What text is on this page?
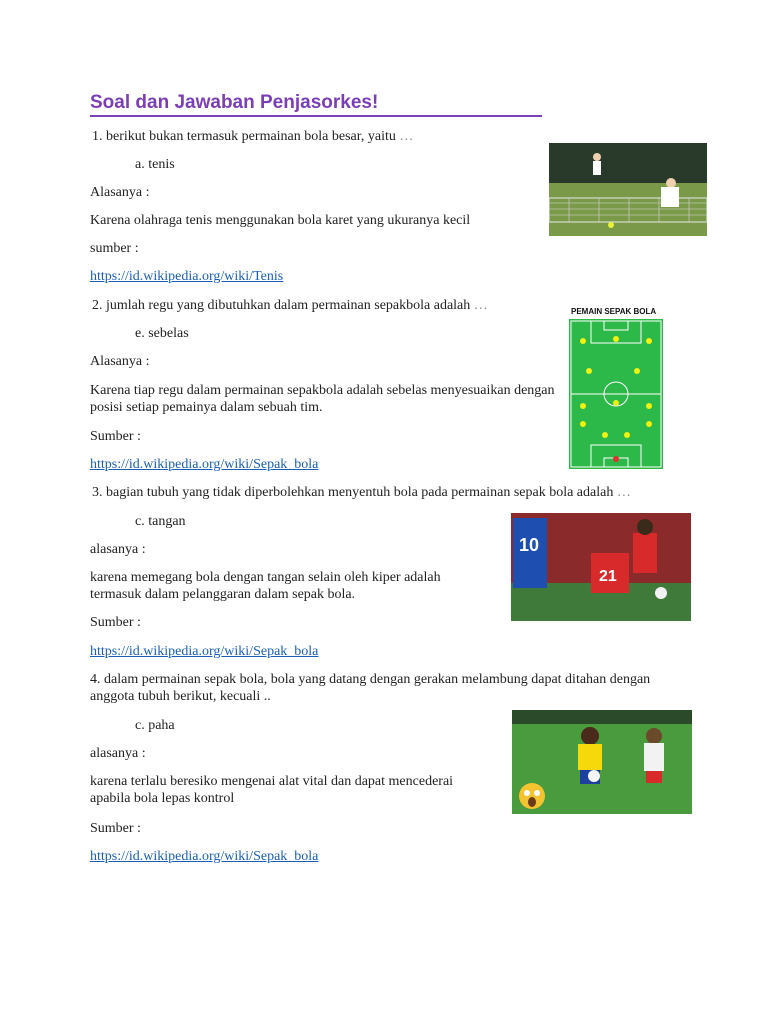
Soal dan Jawaban Penjasorkes!
1. berikut bukan termasuk permainan bola besar, yaitu …
a. tenis
Alasanya :
Karena olahraga tenis menggunakan bola karet yang ukuranya kecil
sumber :
https://id.wikipedia.org/wiki/Tenis
2. jumlah regu yang dibutuhkan dalam permainan sepakbola adalah …
e. sebelas
Alasanya :
Karena tiap regu dalam permainan sepakbola adalah sebelas menyesuaikan dengan posisi setiap pemainya dalam sebuah tim.
Sumber :
https://id.wikipedia.org/wiki/Sepak_bola
PEMAIN SEPAK BOLA
3. bagian tubuh yang tidak diperbolehkan menyentuh bola pada permainan sepak bola adalah …
c. tangan
alasanya :
karena memegang bola dengan tangan selain oleh kiper adalah termasuk dalam pelanggaran dalam sepak bola.
Sumber :
https://id.wikipedia.org/wiki/Sepak_bola
10
21
4. dalam permainan sepak bola, bola yang datang dengan gerakan melambung dapat ditahan dengan anggota tubuh berikut, kecuali ..
c. paha
alasanya :
karena terlalu beresiko mengenai alat vital dan dapat mencederai apabila bola lepas kontrol
Sumber :
https://id.wikipedia.org/wiki/Sepak_bola
